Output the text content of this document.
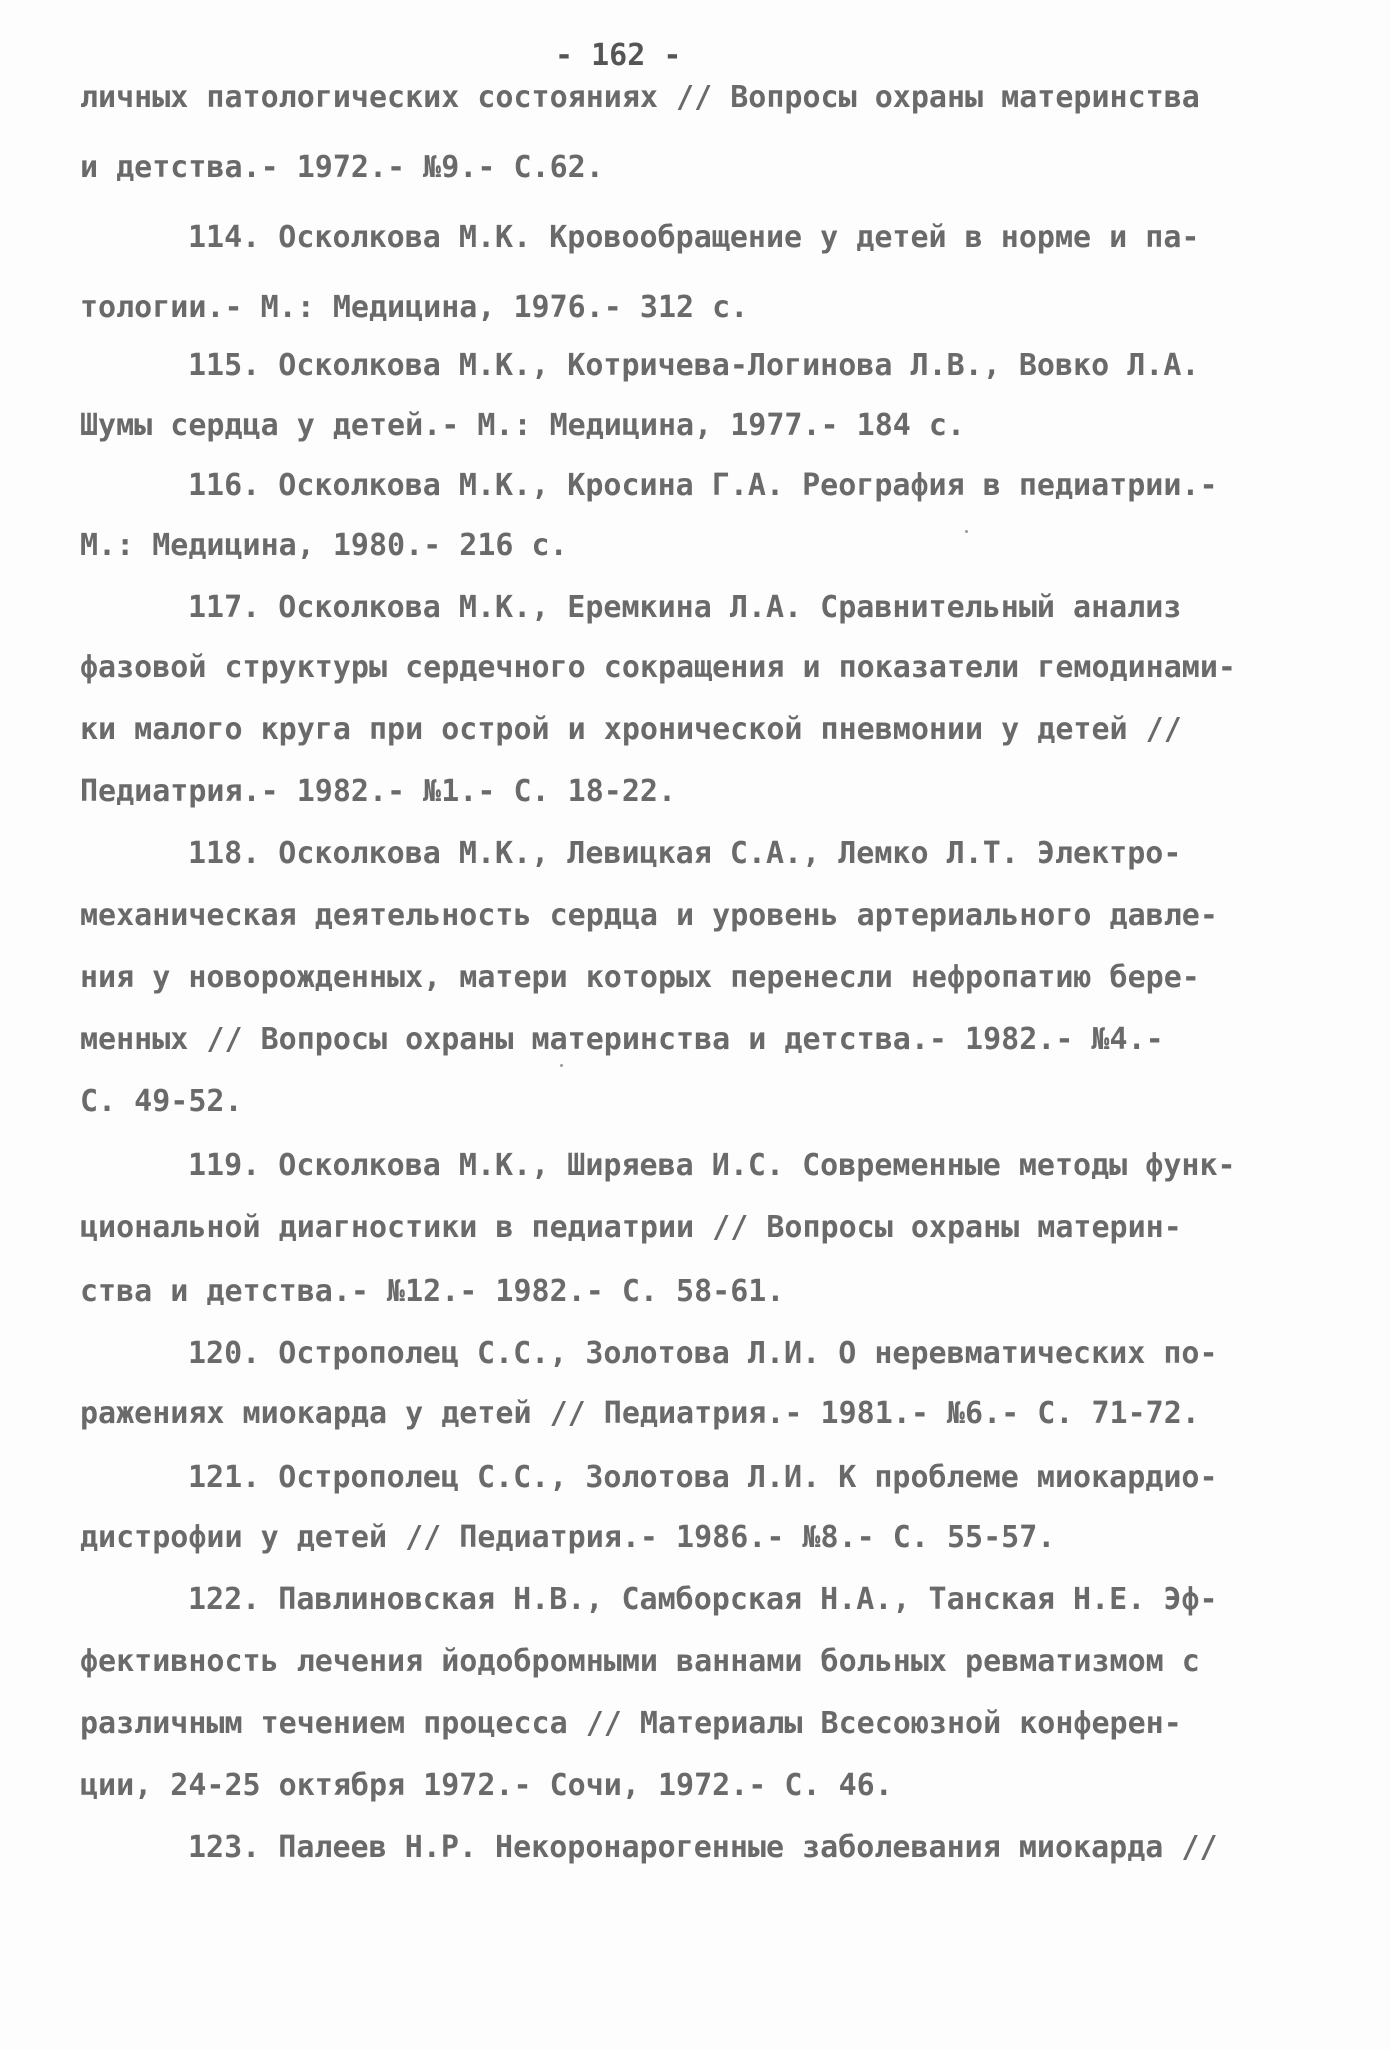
- 162 -
личных патологических состояниях // Вопросы охраны материнства
и детства.- 1972.- №9.- С.62.
114. Осколкова М.К. Кровообращение у детей в норме и па-
тологии.- М.: Медицина, 1976.- 312 с.
115. Осколкова М.К., Котричева-Логинова Л.В., Вовко Л.А.
Шумы сердца у детей.- М.: Медицина, 1977.- 184 с.
116. Осколкова М.К., Кросина Г.А. Реография в педиатрии.-
М.: Медицина, 1980.- 216 с.
117. Осколкова М.К., Еремкина Л.А. Сравнительный анализ
фазовой структуры сердечного сокращения и показатели гемодинами-
ки малого круга при острой и хронической пневмонии у детей //
Педиатрия.- 1982.- №1.- С. 18-22.
118. Осколкова М.К., Левицкая С.А., Лемко Л.Т. Электро-
механическая деятельность сердца и уровень артериального давле-
ния у новорожденных, матери которых перенесли нефропатию бере-
менных // Вопросы охраны материнства и детства.- 1982.- №4.-
С. 49-52.
119. Осколкова М.К., Ширяева И.С. Современные методы функ-
циональной диагностики в педиатрии // Вопросы охраны материн-
ства и детства.- №12.- 1982.- С. 58-61.
120. Острополец С.С., Золотова Л.И. О неревматических по-
ражениях миокарда у детей // Педиатрия.- 1981.- №6.- С. 71-72.
121. Острополец С.С., Золотова Л.И. К проблеме миокардио-
дистрофии у детей // Педиатрия.- 1986.- №8.- С. 55-57.
122. Павлиновская Н.В., Самборская Н.А., Танская Н.Е. Эф-
фективность лечения йодобромными ваннами больных ревматизмом с
различным течением процесса // Материалы Всесоюзной конферен-
ции, 24-25 октября 1972.- Сочи, 1972.- С. 46.
123. Палеев Н.Р. Некоронарогенные заболевания миокарда //
